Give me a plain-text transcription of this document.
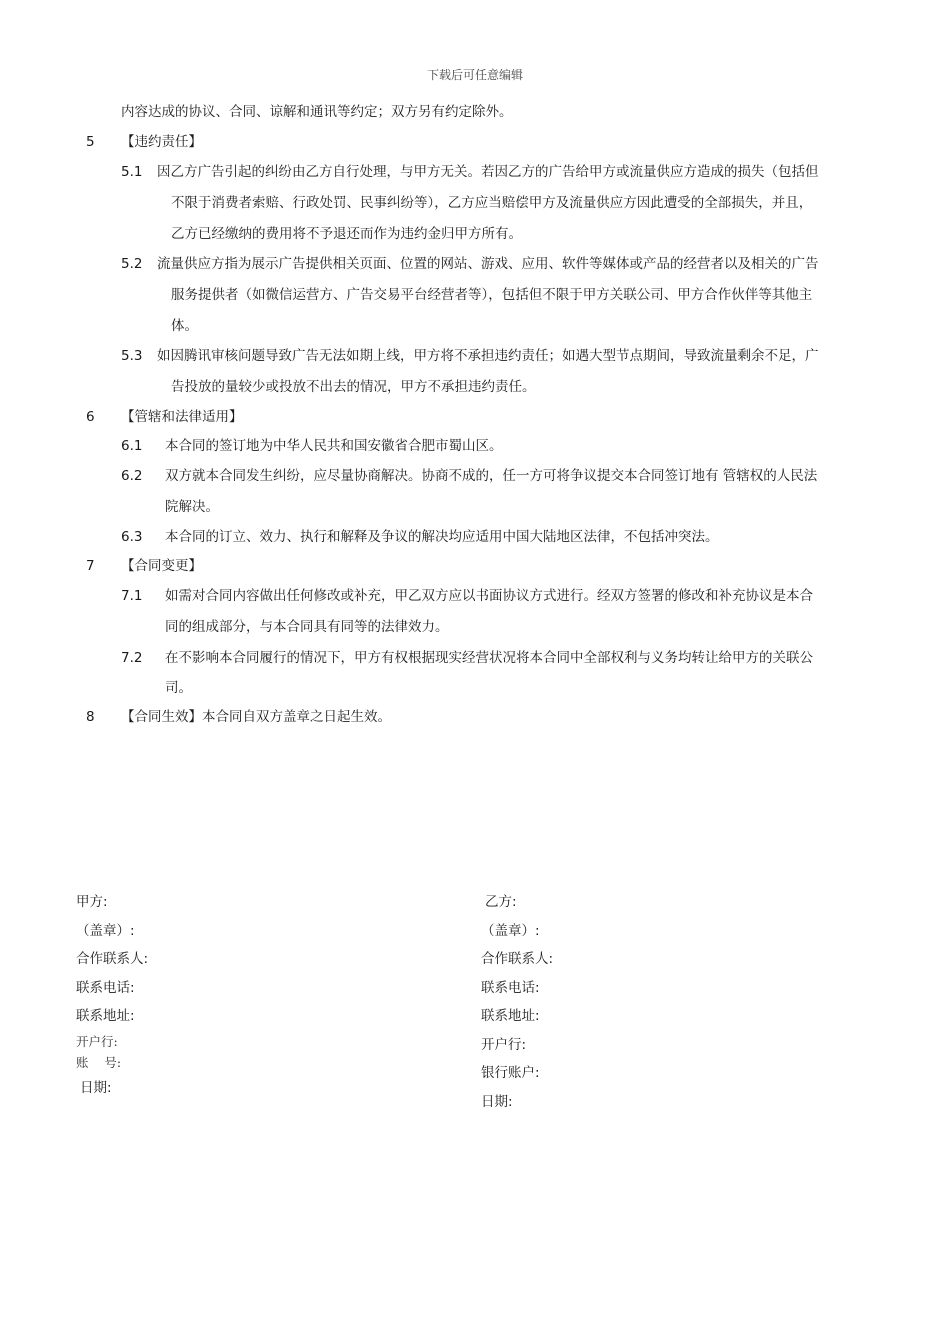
下载后可任意编辑
内容达成的协议、合同、谅解和通讯等约定；双方另有约定除外。
5 【违约责任】
5.1 因乙方广告引起的纠纷由乙方自行处理，与甲方无关。若因乙方的广告给甲方或流量供应方造成的损失（包括但
不限于消费者索赔、行政处罚、民事纠纷等），乙方应当赔偿甲方及流量供应方因此遭受的全部损失，并且，
乙方已经缴纳的费用将不予退还而作为违约金归甲方所有。
5.2 流量供应方指为展示广告提供相关页面、位置的网站、游戏、应用、软件等媒体或产品的经营者以及相关的广告
服务提供者（如微信运营方、广告交易平台经营者等），包括但不限于甲方关联公司、甲方合作伙伴等其他主
体。
5.3 如因腾讯审核问题导致广告无法如期上线，甲方将不承担违约责任；如遇大型节点期间，导致流量剩余不足，广
告投放的量较少或投放不出去的情况，甲方不承担违约责任。
6 【管辖和法律适用】
6.1 本合同的签订地为中华人民共和国安徽省合肥市蜀山区。
6.2 双方就本合同发生纠纷，应尽量协商解决。协商不成的，任一方可将争议提交本合同签订地有 管辖权的人民法
院解决。
6.3 本合同的订立、效力、执行和解释及争议的解决均应适用中国大陆地区法律，不包括冲突法。
7 【合同变更】
7.1 如需对合同内容做出任何修改或补充，甲乙双方应以书面协议方式进行。经双方签署的修改和补充协议是本合
同的组成部分，与本合同具有同等的法律效力。
7.2 在不影响本合同履行的情况下，甲方有权根据现实经营状况将本合同中全部权利与义务均转让给甲方的关联公
司。
8 【合同生效】本合同自双方盖章之日起生效。
甲方:
（盖章）:
合作联系人:
联系电话:
联系地址:
开户行:
账    号:
日期:
乙方:
（盖章）:
合作联系人:
联系电话:
联系地址:
开户行:
银行账户:
日期:
